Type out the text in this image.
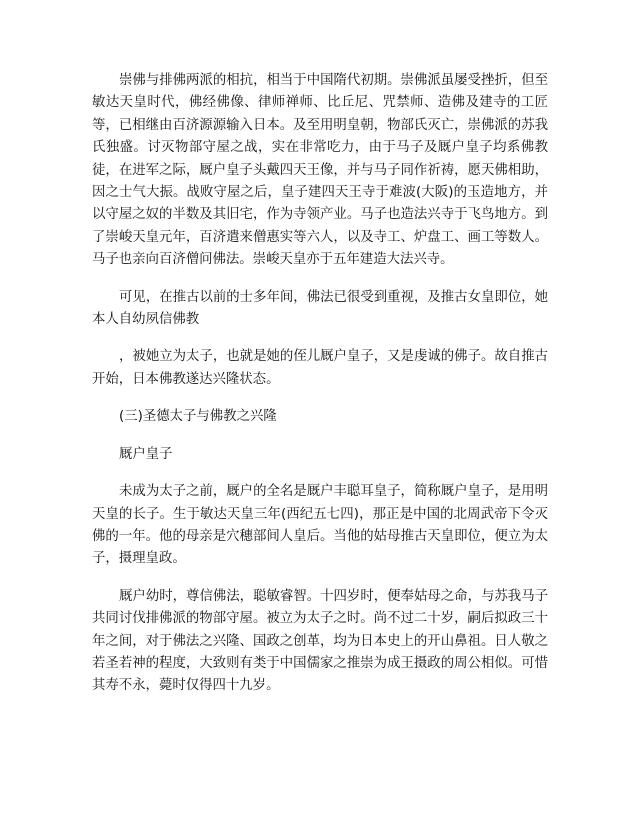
崇佛与排佛两派的相抗，相当于中国隋代初期。崇佛派虽屡受挫折，但至敏达天皇时代，佛经佛像、律师禅师、比丘尼、咒禁师、造佛及建寺的工匠等，已相继由百济源源输入日本。及至用明皇朝，物部氏灭亡，崇佛派的苏我氏独盛。讨灭物部守屋之战，实在非常吃力，由于马子及厩户皇子均系佛教徒，在进军之际，厩户皇子头戴四天王像，并与马子同作祈祷，愿天佛相助，因之士气大振。战败守屋之后，皇子建四天王寺于难波(大阪)的玉造地方，并以守屋之奴的半数及其旧宅，作为寺领产业。马子也造法兴寺于飞鸟地方。到了崇峻天皇元年，百济遣来僧惠实等六人，以及寺工、炉盘工、画工等数人。马子也亲向百济僧问佛法。崇峻天皇亦于五年建造大法兴寺。

可见，在推古以前的士多年间，佛法已很受到重视，及推古女皇即位，她本人自幼夙信佛教

，被她立为太子，也就是她的侄儿厩户皇子，又是虔诚的佛子。故自推古开始，日本佛教遂达兴隆状态。

(三)圣德太子与佛教之兴隆

厩户皇子

未成为太子之前，厩户的全名是厩户丰聪耳皇子，简称厩户皇子，是用明天皇的长子。生于敏达天皇三年(西纪五七四)，那正是中国的北周武帝下令灭佛的一年。他的母亲是穴穗部间人皇后。当他的姑母推古天皇即位，便立为太子，摄理皇政。

厩户幼时，尊信佛法，聪敏睿智。十四岁时，便奉姑母之命，与苏我马子共同讨伐排佛派的物部守屋。被立为太子之时。尚不过二十岁，嗣后拟政三十年之间，对于佛法之兴隆、国政之创革，均为日本史上的开山鼻祖。日人敬之若圣若神的程度，大致则有类于中国儒家之推崇为成王摄政的周公相似。可惜其寿不永，薨时仅得四十九岁。
